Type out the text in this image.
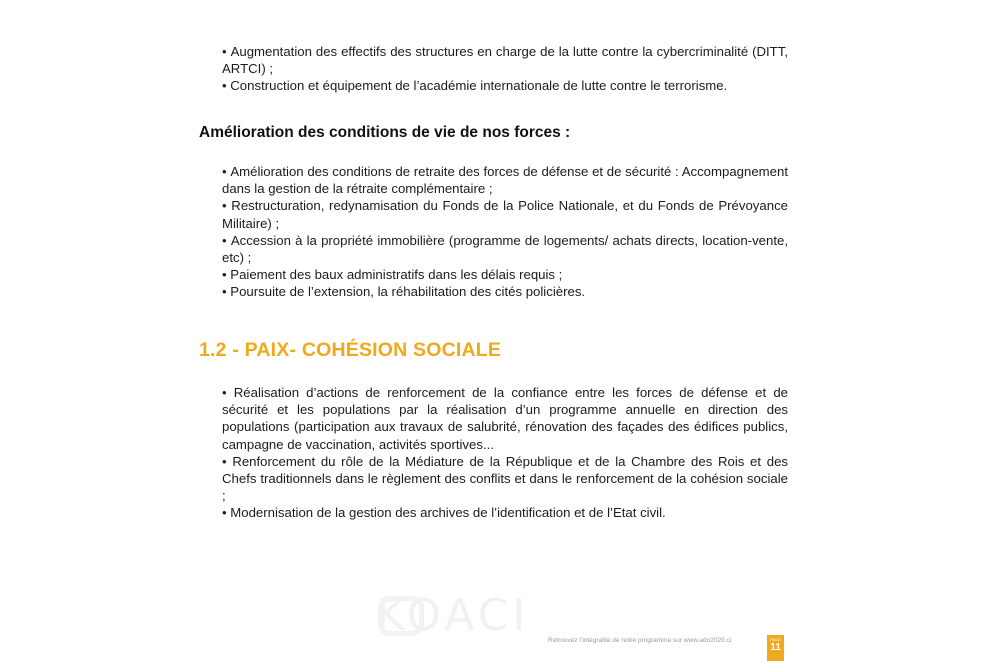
• Augmentation des effectifs des structures en charge de la lutte contre la cybercriminalité (DITT, ARTCI) ;
• Construction et équipement de l’académie internationale de lutte contre le terrorisme.
Amélioration des conditions de vie de nos forces :
• Amélioration des conditions de retraite des forces de défense et de sécurité : Accompagnement dans la gestion de la rétraite complémentaire ;
• Restructuration, redynamisation du Fonds de la Police Nationale, et du Fonds de Prévoyance Militaire) ;
• Accession à la propriété immobilière (programme de logements/ achats directs, location-vente, etc) ;
• Paiement des baux administratifs dans les délais requis ;
• Poursuite de l’extension, la réhabilitation des cités policières.
1.2 - PAIX- COHÉSION SOCIALE
• Réalisation d’actions de renforcement de la confiance entre les forces de défense et de sécurité et les populations par la réalisation d’un programme annuelle en direction des populations (participation aux travaux de salubrité, rénovation des façades des édifices publics, campagne de vaccination, activités sportives...
• Renforcement du rôle de la Médiature de la République et de la Chambre des Rois et des Chefs traditionnels dans le règlement des conflits et dans le renforcement de la cohésion sociale ;
• Modernisation de la gestion des archives de l’identification et de l’Etat civil.
KOACI	Retrouvez l’intégralité de notre programme sur www.ado2020.ci	PAGE
11
